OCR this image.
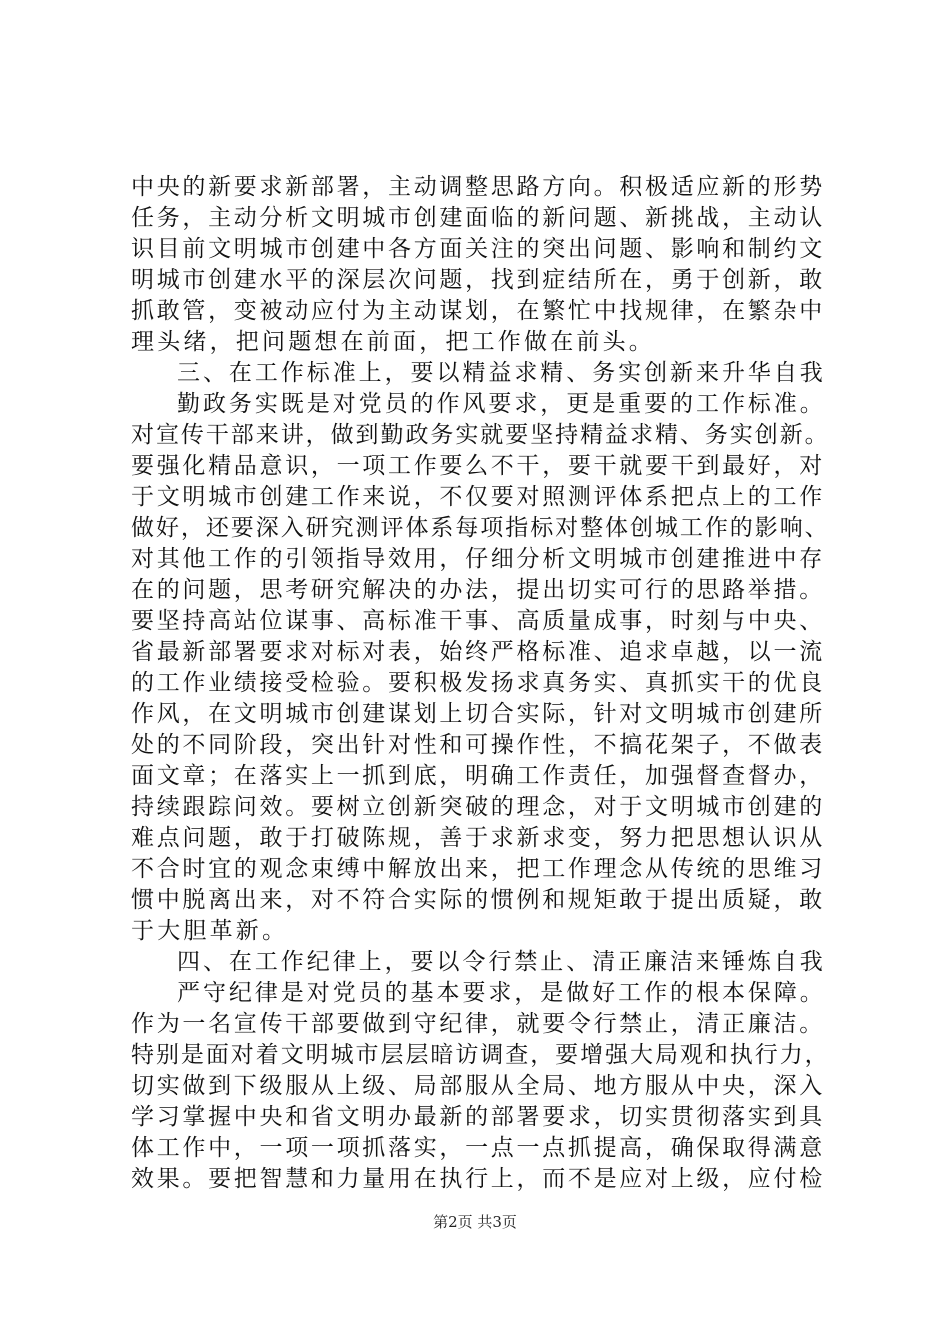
中央的新要求新部署，主动调整思路方向。积极适应新的形势
任务，主动分析文明城市创建面临的新问题、新挑战，主动认
识目前文明城市创建中各方面关注的突出问题、影响和制约文
明城市创建水平的深层次问题，找到症结所在，勇于创新，敢
抓敢管，变被动应付为主动谋划，在繁忙中找规律，在繁杂中
理头绪，把问题想在前面，把工作做在前头。
三、在工作标准上，要以精益求精、务实创新来升华自我
勤政务实既是对党员的作风要求，更是重要的工作标准。
对宣传干部来讲，做到勤政务实就要坚持精益求精、务实创新。
要强化精品意识，一项工作要么不干，要干就要干到最好，对
于文明城市创建工作来说，不仅要对照测评体系把点上的工作
做好，还要深入研究测评体系每项指标对整体创城工作的影响、
对其他工作的引领指导效用，仔细分析文明城市创建推进中存
在的问题，思考研究解决的办法，提出切实可行的思路举措。
要坚持高站位谋事、高标准干事、高质量成事，时刻与中央、
省最新部署要求对标对表，始终严格标准、追求卓越，以一流
的工作业绩接受检验。要积极发扬求真务实、真抓实干的优良
作风，在文明城市创建谋划上切合实际，针对文明城市创建所
处的不同阶段，突出针对性和可操作性，不搞花架子，不做表
面文章；在落实上一抓到底，明确工作责任，加强督查督办，
持续跟踪问效。要树立创新突破的理念，对于文明城市创建的
难点问题，敢于打破陈规，善于求新求变，努力把思想认识从
不合时宜的观念束缚中解放出来，把工作理念从传统的思维习
惯中脱离出来，对不符合实际的惯例和规矩敢于提出质疑，敢
于大胆革新。
四、在工作纪律上，要以令行禁止、清正廉洁来锤炼自我
严守纪律是对党员的基本要求，是做好工作的根本保障。
作为一名宣传干部要做到守纪律，就要令行禁止，清正廉洁。
特别是面对着文明城市层层暗访调查，要增强大局观和执行力，
切实做到下级服从上级、局部服从全局、地方服从中央，深入
学习掌握中央和省文明办最新的部署要求，切实贯彻落实到具
体工作中，一项一项抓落实，一点一点抓提高，确保取得满意
效果。要把智慧和力量用在执行上，而不是应对上级，应付检
第2页 共3页
